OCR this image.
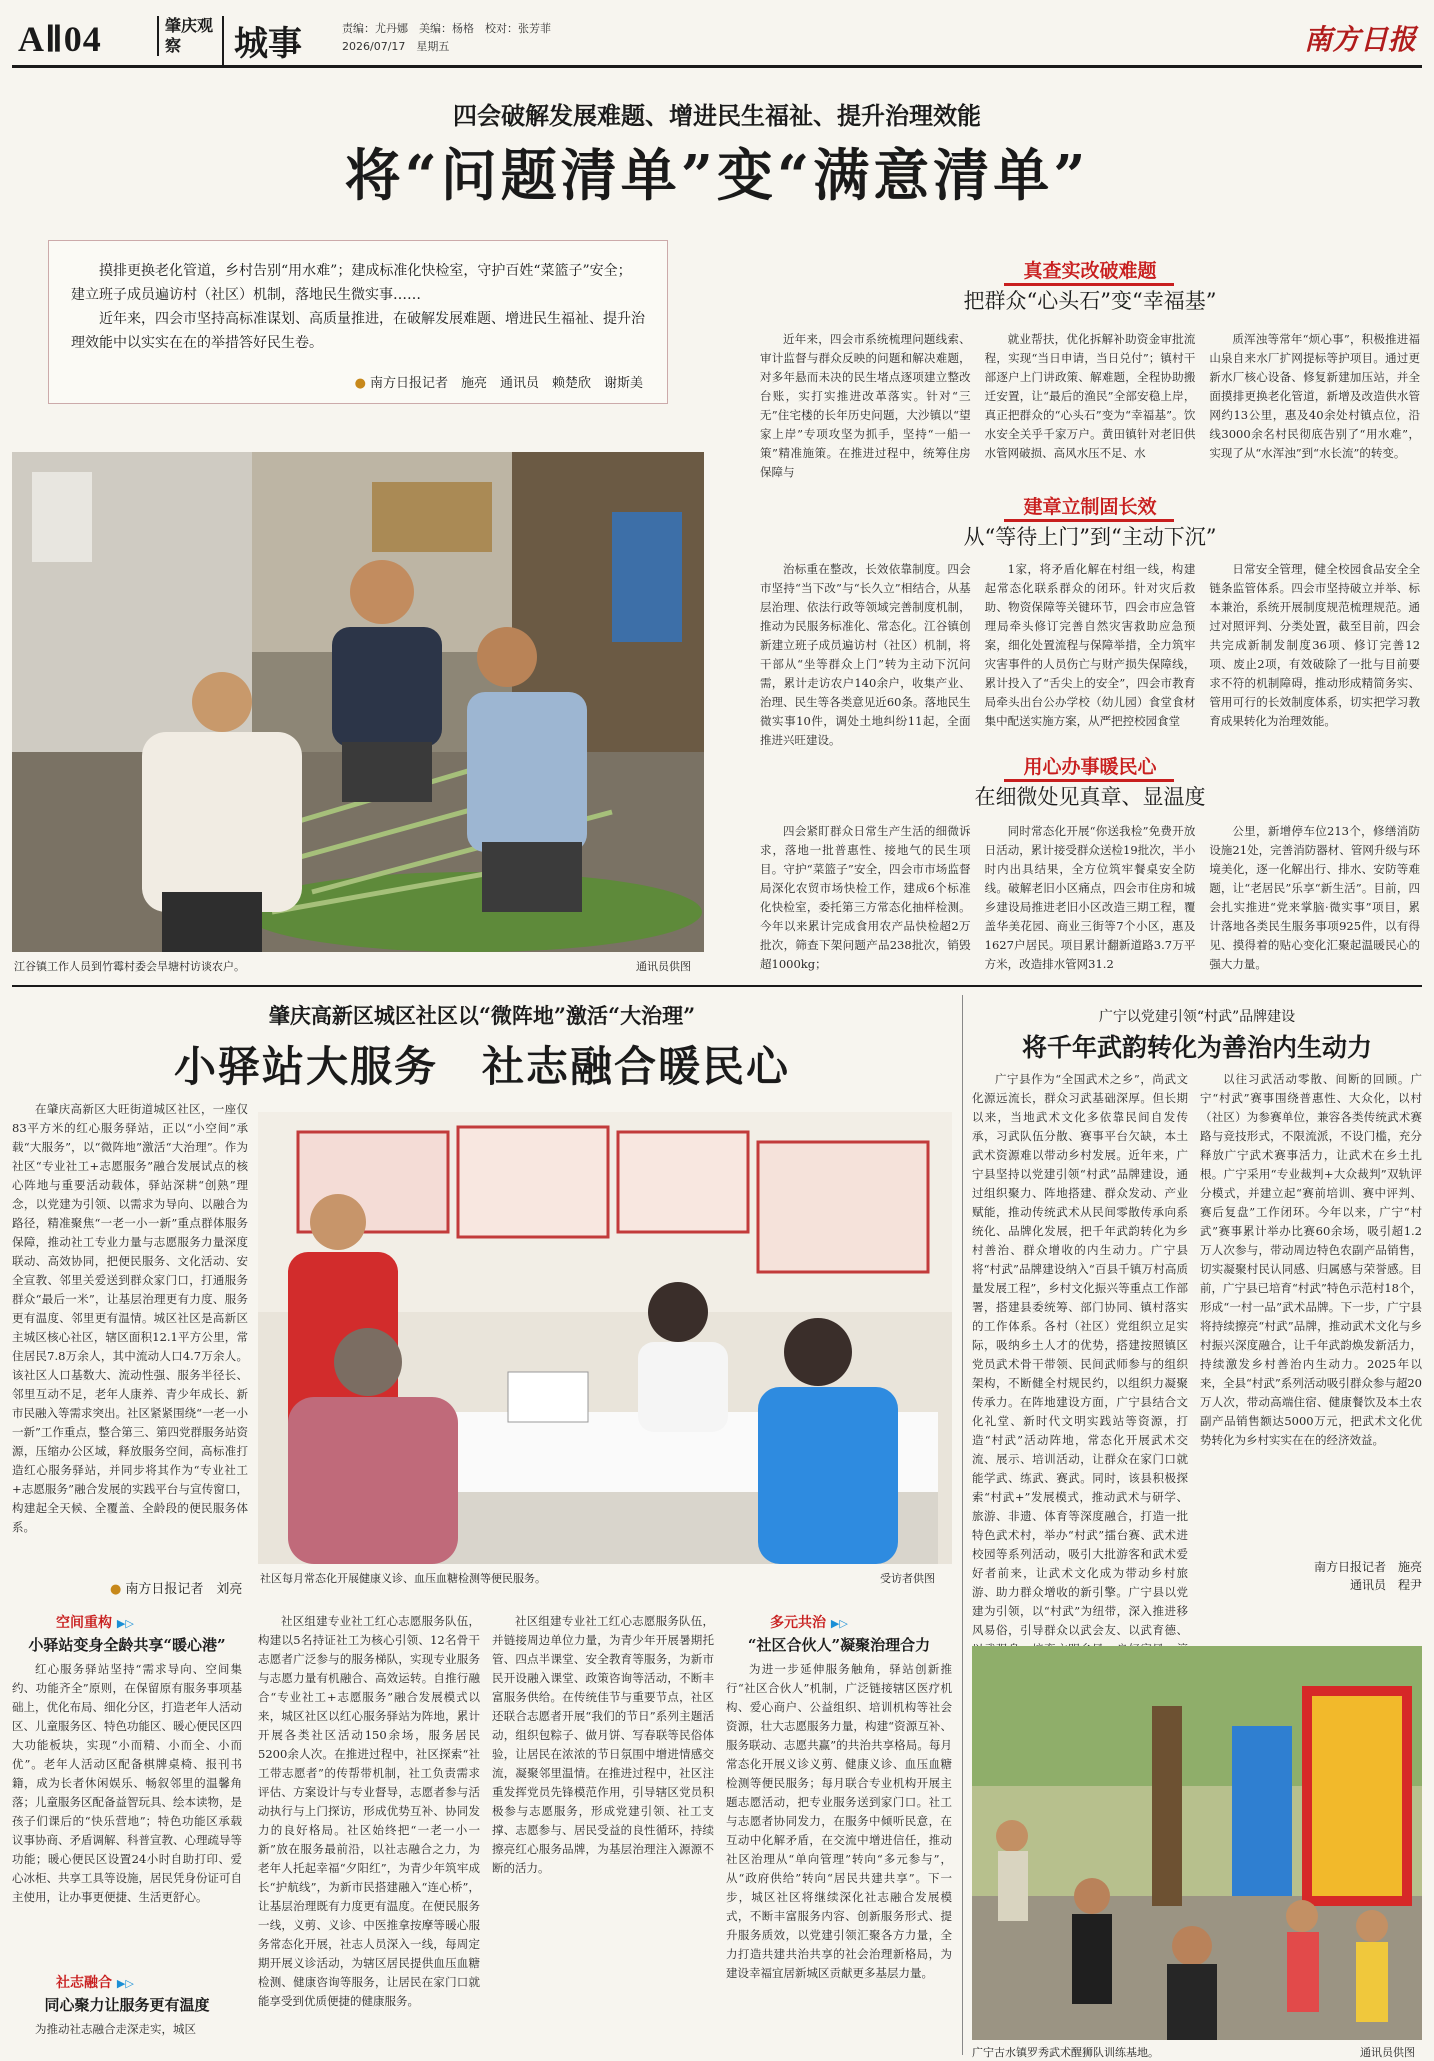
AⅡ04	肇庆观察	城事	责编：尤丹娜　美编：杨格　校对：张芳菲
2026/07/17　星期五	南方日报
四会破解发展难题、增进民生福祉、提升治理效能
将“问题清单”变“满意清单”

摸排更换老化管道，乡村告别“用水难”；建成标准化快检室，守护百姓“菜篮子”安全；建立班子成员遍访村（社区）机制，落地民生微实事……

近年来，四会市坚持高标准谋划、高质量推进，在破解发展难题、增进民生福祉、提升治理效能中以实实在在的举措答好民生卷。

● 南方日报记者　施亮　通讯员　赖楚欣　谢斯美
江谷镇工作人员到竹霉村委会旱塘村访谈农户。	通讯员供图
真查实改破难题
把群众“心头石”变“幸福基”

近年来，四会市系统梳理问题线索、审计监督与群众反映的问题和解决难题，对多年悬而未决的民生堵点逐项建立整改台账，实打实推进改革落实。针对“三无”住宅楼的长年历史问题，大沙镇以“望家上岸”专项攻坚为抓手，坚持“一船一策”精准施策。在推进过程中，统筹住房保障与

就业帮扶，优化拆解补助资金审批流程，实现“当日申请，当日兑付”；镇村干部逐户上门讲政策、解难题，全程协助搬迁安置，让“最后的渔民”全部安稳上岸，真正把群众的“心头石”变为“幸福基”。饮水安全关乎千家万户。黄田镇针对老旧供水管网破损、高风水压不足、水

质浑浊等常年“烦心事”，积极推进福山泉自来水厂扩网提标等护项目。通过更新水厂核心设备、修复新建加压站，并全面摸排更换老化管道，新增及改造供水管网约13公里，惠及40余处村镇点位，沿线3000余名村民彻底告别了“用水难”，实现了从“水浑浊”到“水长流”的转变。

建章立制固长效
从“等待上门”到“主动下沉”

治标重在整改，长效依靠制度。四会市坚持“当下改”与“长久立”相结合，从基层治理、依法行政等领域完善制度机制，推动为民服务标准化、常态化。江谷镇创新建立班子成员遍访村（社区）机制，将干部从“坐等群众上门”转为主动下沉问需，累计走访农户140余户，收集产业、治理、民生等各类意见近60条。落地民生微实事10件，调处土地纠纷11起，全面推进兴旺建设。

1家，将矛盾化解在村组一线，构建起常态化联系群众的闭环。针对灾后救助、物资保障等关键环节，四会市应急管理局牵头修订完善自然灾害救助应急预案，细化处置流程与保障举措，全力筑牢灾害事件的人员伤亡与财产损失保障线，累计投入了“舌尖上的安全”，四会市教育局牵头出台公办学校（幼儿园）食堂食材集中配送实施方案，从严把控校园食堂

日常安全管理，健全校园食品安全全链条监管体系。四会市坚持破立并举、标本兼治，系统开展制度规范梳理规范。通过对照评判、分类处置，截至目前，四会共完成新制发制度36项、修订完善12项、废止2项，有效破除了一批与目前要求不符的机制障碍，推动形成精简务实、管用可行的长效制度体系，切实把学习教育成果转化为治理效能。

用心办事暖民心
在细微处见真章、显温度

四会紧盯群众日常生产生活的细微诉求，落地一批普惠性、接地气的民生项目。守护“菜篮子”安全，四会市市场监督局深化农贸市场快检工作，建成6个标准化快检室，委托第三方常态化抽样检测。今年以来累计完成食用农产品快检超2万批次，筛查下架问题产品238批次，销毁超1000kg；

同时常态化开展“你送我检”免费开放日活动，累计接受群众送检19批次，半小时内出具结果，全方位筑牢餐桌安全防线。破解老旧小区痛点，四会市住房和城乡建设局推进老旧小区改造三期工程，覆盖华美花园、商业三街等7个小区，惠及1627户居民。项目累计翻新道路3.7万平方米，改造排水管网31.2

公里，新增停车位213个，修缮消防设施21处，完善消防器材、管网升级与环境美化，逐一化解出行、排水、安防等难题，让“老居民”乐享“新生活”。目前，四会扎实推进“党来掌脑·微实事”项目，累计落地各类民生服务事项925件，以有得见、摸得着的贴心变化汇聚起温暖民心的强大力量。

肇庆高新区城区社区以“微阵地”激活“大治理”
小驿站大服务　社志融合暖民心
在肇庆高新区大旺街道城区社区，一座仅83平方米的红心服务驿站，正以“小空间”承载“大服务”，以“微阵地”激活“大治理”。作为社区“专业社工+志愿服务”融合发展试点的核心阵地与重要活动载体，驿站深耕“创熟”理念，以党建为引领、以需求为导向、以融合为路径，精准聚焦“一老一小一新”重点群体服务保障，推动社工专业力量与志愿服务力量深度联动、高效协同，把便民服务、文化活动、安全宣教、邻里关爱送到群众家门口，打通服务群众“最后一米”，让基层治理更有力度、服务更有温度、邻里更有温情。城区社区是高新区主城区核心社区，辖区面积12.1平方公里，常住居民7.8万余人，其中流动人口4.7万余人。该社区人口基数大、流动性强、服务半径长、邻里互动不足，老年人康养、青少年成长、新市民融入等需求突出。社区紧紧围绕“一老一小一新”工作重点，整合第三、第四党群服务站资源，压缩办公区域，释放服务空间，高标准打造红心服务驿站，并同步将其作为“专业社工+志愿服务”融合发展的实践平台与宣传窗口，构建起全天候、全覆盖、全龄段的便民服务体系。
● 南方日报记者　刘亮
社区每月常态化开展健康义诊、血压血糖检测等便民服务。	受访者供图
空间重构 ▶▷
小驿站变身全龄共享“暖心港”
红心服务驿站坚持“需求导向、空间集约、功能齐全”原则，在保留原有服务事项基础上，优化布局、细化分区，打造老年人活动区、儿童服务区、特色功能区、暖心便民区四大功能板块，实现“小而精、小而全、小而优”。老年人活动区配备棋牌桌椅、报刊书籍，成为长者休闲娱乐、畅叙邻里的温馨角落；儿童服务区配备益智玩具、绘本读物，是孩子们课后的“快乐营地”；特色功能区承载议事协商、矛盾调解、科普宣教、心理疏导等功能；暖心便民区设置24小时自助打印、爱心冰柜、共享工具等设施，居民凭身份证可自主使用，让办事更便捷、生活更舒心。
社志融合 ▶▷
同心聚力让服务更有温度
为推动社志融合走深走实，城区
社区组建专业社工红心志愿服务队伍，构建以5名持证社工为核心引领、12名骨干志愿者广泛参与的服务梯队，实现专业服务与志愿力量有机融合、高效运转。自推行融合“专业社工+志愿服务”融合发展模式以来，城区社区以红心服务驿站为阵地，累计开展各类社区活动150余场，服务居民5200余人次。在推进过程中，社区探索“社工带志愿者”的传帮带机制，社工负责需求评估、方案设计与专业督导，志愿者参与活动执行与上门探访，形成优势互补、协同发力的良好格局。社区始终把“一老一小一新”放在服务最前沿，以社志融合之力，为老年人托起幸福“夕阳红”，为青少年筑牢成长“护航线”，为新市民搭建融入“连心桥”，让基层治理既有力度更有温度。在便民服务一线，义剪、义诊、中医推拿按摩等暖心服务常态化开展，社志人员深入一线，每周定期开展义诊活动，为辖区居民提供血压血糖检测、健康咨询等服务，让居民在家门口就能享受到优质便捷的健康服务。
社区组建专业社工红心志愿服务队伍，并链接周边单位力量，为青少年开展暑期托管、四点半课堂、安全教育等服务，为新市民开设融入课堂、政策咨询等活动，不断丰富服务供给。在传统佳节与重要节点，社区还联合志愿者开展“我们的节日”系列主题活动，组织包粽子、做月饼、写春联等民俗体验，让居民在浓浓的节日氛围中增进情感交流，凝聚邻里温情。在推进过程中，社区注重发挥党员先锋模范作用，引导辖区党员积极参与志愿服务，形成党建引领、社工支撑、志愿参与、居民受益的良性循环，持续擦亮红心服务品牌，为基层治理注入源源不断的活力。
多元共治 ▶▷
“社区合伙人”凝聚治理合力
为进一步延伸服务触角，驿站创新推行“社区合伙人”机制，广泛链接辖区医疗机构、爱心商户、公益组织、培训机构等社会资源，壮大志愿服务力量，构建“资源互补、服务联动、志愿共赢”的共治共享格局。每月常态化开展义诊义剪、健康义诊、血压血糖检测等便民服务；每月联合专业机构开展主题志愿活动，把专业服务送到家门口。社工与志愿者协同发力，在服务中倾听民意，在互动中化解矛盾，在交流中增进信任，推动社区治理从“单向管理”转向“多元参与”，从“政府供给”转向“居民共建共享”。下一步，城区社区将继续深化社志融合发展模式，不断丰富服务内容、创新服务形式、提升服务质效，以党建引领汇聚各方力量，全力打造共建共治共享的社会治理新格局，为建设幸福宜居新城区贡献更多基层力量。
广宁以党建引领“村武”品牌建设
将千年武韵转化为善治内生动力
广宁县作为“全国武术之乡”，尚武文化源远流长，群众习武基础深厚。但长期以来，当地武术文化多依靠民间自发传承，习武队伍分散、赛事平台欠缺，本土武术资源难以带动乡村发展。近年来，广宁县坚持以党建引领“村武”品牌建设，通过组织聚力、阵地搭建、群众发动、产业赋能，推动传统武术从民间零散传承向系统化、品牌化发展，把千年武韵转化为乡村善治、群众增收的内生动力。广宁县将“村武”品牌建设纳入“百县千镇万村高质量发展工程”，乡村文化振兴等重点工作部署，搭建县委统筹、部门协同、镇村落实的工作体系。各村（社区）党组织立足实际，吸纳乡土人才的优势，搭建按照镇区党员武术骨干带领、民间武师参与的组织架构，不断健全村规民约，以组织力凝聚传承力。在阵地建设方面，广宁县结合文化礼堂、新时代文明实践站等资源，打造“村武”活动阵地，常态化开展武术交流、展示、培训活动，让群众在家门口就能学武、练武、赛武。同时，该县积极探索“村武+”发展模式，推动武术与研学、旅游、非遗、体育等深度融合，打造一批特色武术村，举办“村武”擂台赛、武术进校园等系列活动，吸引大批游客和武术爱好者前来，让武术文化成为带动乡村旅游、助力群众增收的新引擎。广宁县以党建为引领，以“村武”为纽带，深入推进移风易俗，引导群众以武会友、以武育德、
以往习武活动零散、间断的回顾。广宁“村武”赛事围绕普惠性、大众化，以村（社区）为参赛单位，兼容各类传统武术赛路与竞技形式，不限流派，不设门槛，充分释放广宁武术赛事活力，让武术在乡土扎根。广宁采用“专业裁判+大众裁判”双轨评分模式，并建立起“赛前培训、赛中评判、赛后复盘”工作闭环。今年以来，广宁“村武”赛事累计举办比赛60余场，吸引超1.2万人次参与，带动周边特色农副产品销售，切实凝聚村民认同感、归属感与荣誉感。目前，广宁县已培育“村武”特色示范村18个，形成“一村一品”武术品牌。下一步，广宁县将持续擦亮“村武”品牌，推动武术文化与乡村振兴深度融合，让千年武韵焕发新活力，持续激发乡村善治内生动力。2025年以来，全县“村武”系列活动吸引群众参与超20万人次，带动高端住宿、健康餐饮及本土农副产品销售额达5000万元，把武术文化优势转化为乡村实实在在的经济效益。
南方日报记者　施亮
通讯员　程尹
广宁古水镇罗秀武术醒狮队训练基地。	通讯员供图
